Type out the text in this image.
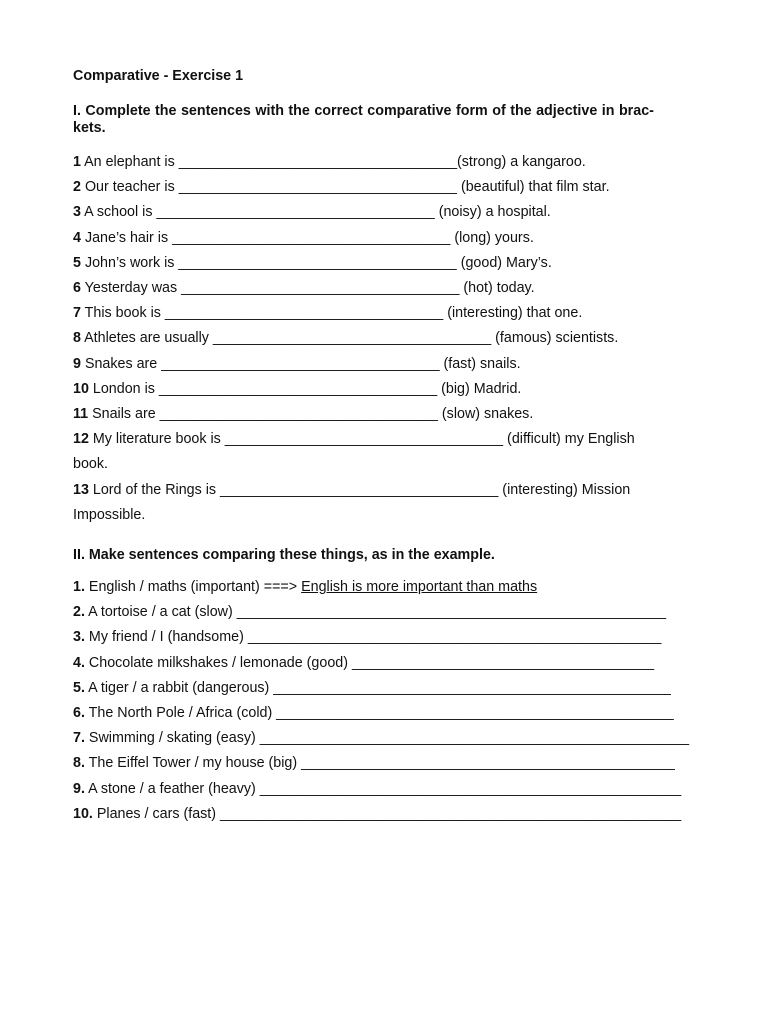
Comparative - Exercise 1
I. Complete the sentences with the correct comparative form of the adjective in brac-
kets.
1 An elephant is ___________________________________(strong) a kangaroo.
2 Our teacher is ___________________________________ (beautiful) that film star.
3 A school is ___________________________________ (noisy) a hospital.
4 Jane’s hair is ___________________________________ (long) yours.
5 John’s work is ___________________________________ (good) Mary’s.
6 Yesterday was ___________________________________ (hot) today.
7 This book is ___________________________________ (interesting) that one.
8 Athletes are usually ___________________________________ (famous) scientists.
9 Snakes are ___________________________________ (fast) snails.
10 London is ___________________________________ (big) Madrid.
11 Snails are ___________________________________ (slow) snakes.
12 My literature book is ___________________________________ (difficult) my English
book.
13 Lord of the Rings is ___________________________________ (interesting) Mission
Impossible.
II. Make sentences comparing these things, as in the example.
1. English / maths (important) ===> English is more important than maths
2. A tortoise / a cat (slow) ______________________________________________________
3. My friend / I (handsome) ____________________________________________________
4. Chocolate milkshakes / lemonade (good) ______________________________________
5. A tiger / a rabbit (dangerous) __________________________________________________
6. The North Pole / Africa (cold) __________________________________________________
7. Swimming / skating (easy) ______________________________________________________
8. The Eiffel Tower / my house (big) _______________________________________________
9. A stone / a feather (heavy) _____________________________________________________
10. Planes / cars (fast) __________________________________________________________
